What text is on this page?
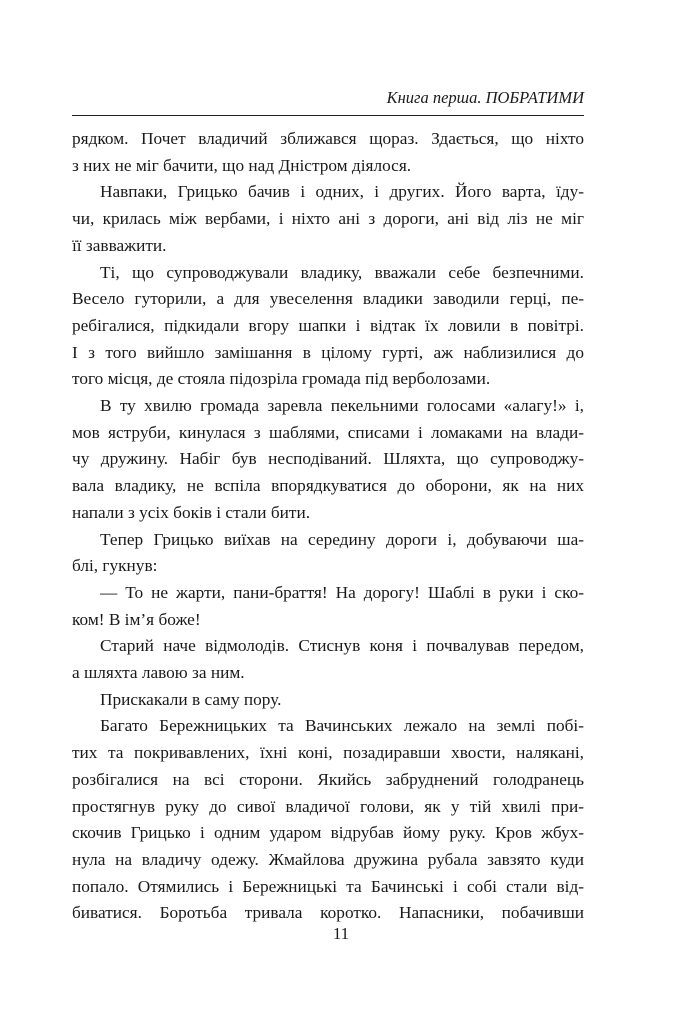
Книга перша. ПОБРАТИМИ
рядком. Почет владичий зближався щораз. Здається, що ніхто
з них не міг бачити, що над Дністром діялося.
Навпаки, Грицько бачив і одних, і других. Його варта, їду-
чи, крилась між вербами, і ніхто ані з дороги, ані від ліз не міг
її завважити.
Ті, що супроводжували владику, вважали себе безпечними.
Весело гуторили, а для увеселення владики заводили герці, пе-
ребігалися, підкидали вгору шапки і відтак їх ловили в повітрі.
І з того вийшло замішання в цілому гурті, аж наблизилися до
того місця, де стояла підозріла громада під верболозами.
В ту хвилю громада заревла пекельними голосами «алагу!» і,
мов яструби, кинулася з шаблями, списами і ломаками на влади-
чу дружину. Набіг був несподіваний. Шляхта, що супроводжу-
вала владику, не вспіла впорядкуватися до оборони, як на них
напали з усіх боків і стали бити.
Тепер Грицько виїхав на середину дороги і, добуваючи ша-
блі, гукнув:
— То не жарти, пани-браття! На дорогу! Шаблі в руки і ско-
ком! В ім’я боже!
Старий наче відмолодів. Стиснув коня і почвалував передом,
а шляхта лавою за ним.
Прискакали в саму пору.
Багато Бережницьких та Вачинських лежало на землі побі-
тих та покривавлених, їхні коні, позадиравши хвости, налякані,
розбігалися на всі сторони. Якийсь забруднений голодранець
простягнув руку до сивої владичої голови, як у тій хвилі при-
скочив Грицько і одним ударом відрубав йому руку. Кров жбух-
нула на владичу одежу. Жмайлова дружина рубала завзято куди
попало. Отямились і Бережницькі та Бачинські і собі стали від-
биватися. Боротьба тривала коротко. Напасники, побачивши
11
